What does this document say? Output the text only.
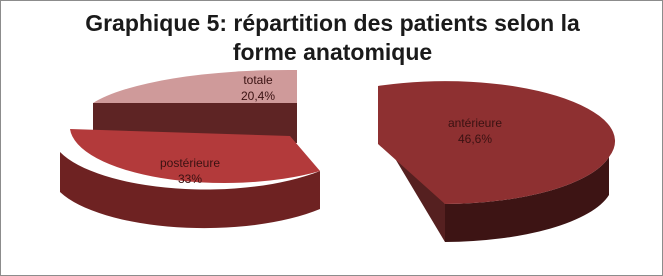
Graphique 5: répartition des patients selon la
forme anatomique
antérieure
46,6%
totale
20,4%
postérieure
33%
